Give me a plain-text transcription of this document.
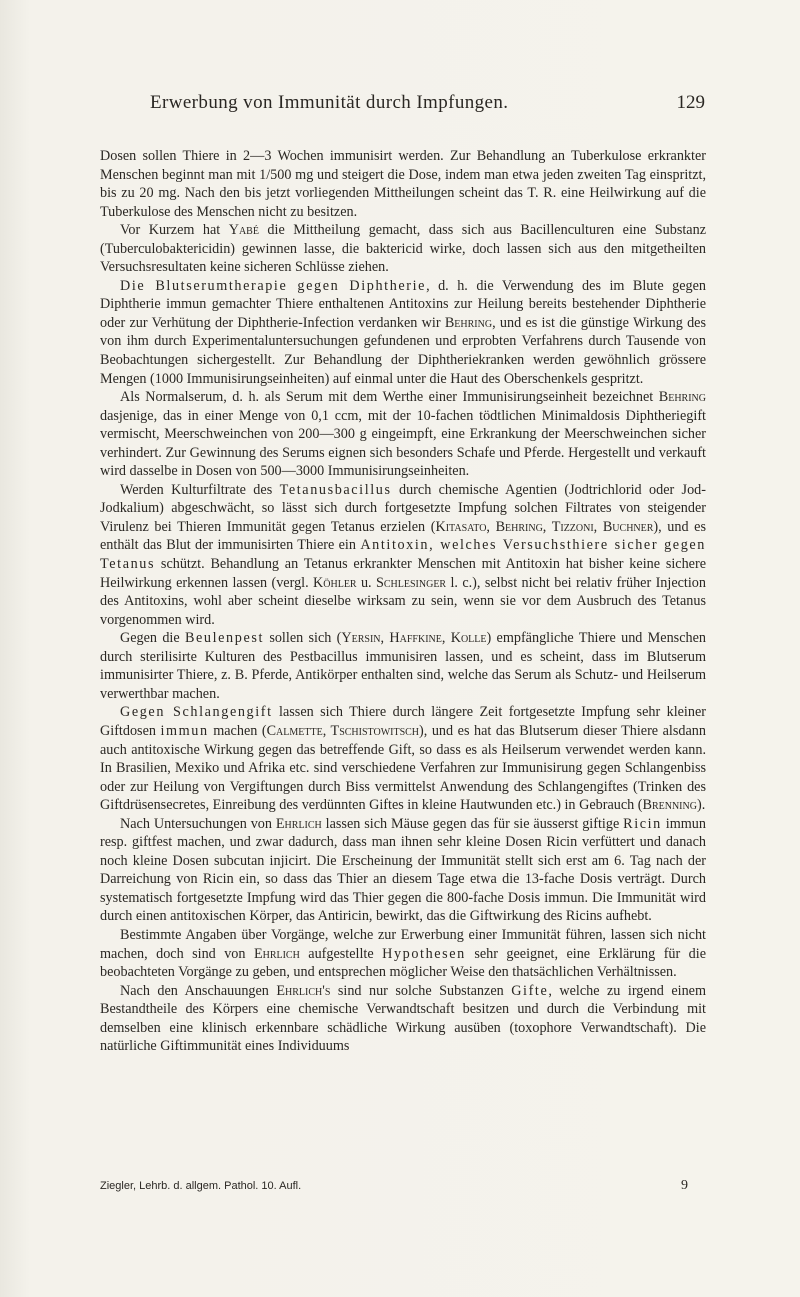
Erwerbung von Immunität durch Impfungen.	129

Dosen sollen Thiere in 2—3 Wochen immunisirt werden. Zur Behandlung an Tuberkulose erkrankter Menschen beginnt man mit 1/500 mg und steigert die Dose, indem man etwa jeden zweiten Tag einspritzt, bis zu 20 mg. Nach den bis jetzt vorliegenden Mittheilungen scheint das T. R. eine Heilwirkung auf die Tuberkulose des Menschen nicht zu besitzen.

Vor Kurzem hat Yabé die Mittheilung gemacht, dass sich aus Bacillenculturen eine Substanz (Tuberculobaktericidin) gewinnen lasse, die baktericid wirke, doch lassen sich aus den mitgetheilten Versuchsresultaten keine sicheren Schlüsse ziehen.

Die Blutserumtherapie gegen Diphtherie, d. h. die Verwendung des im Blute gegen Diphtherie immun gemachter Thiere enthaltenen Antitoxins zur Heilung bereits bestehender Diphtherie oder zur Verhütung der Diphtherie-Infection verdanken wir Behring, und es ist die günstige Wirkung des von ihm durch Experimentaluntersuchungen gefundenen und erprobten Verfahrens durch Tausende von Beobachtungen sichergestellt. Zur Behandlung der Diphtheriekranken werden gewöhnlich grössere Mengen (1000 Immunisirungseinheiten) auf einmal unter die Haut des Oberschenkels gespritzt.

Als Normalserum, d. h. als Serum mit dem Werthe einer Immunisirungseinheit bezeichnet Behring dasjenige, das in einer Menge von 0,1 ccm, mit der 10-fachen tödtlichen Minimaldosis Diphtheriegift vermischt, Meerschweinchen von 200—300 g eingeimpft, eine Erkrankung der Meerschweinchen sicher verhindert. Zur Gewinnung des Serums eignen sich besonders Schafe und Pferde. Hergestellt und verkauft wird dasselbe in Dosen von 500—3000 Immunisirungseinheiten.

Werden Kulturfiltrate des Tetanusbacillus durch chemische Agentien (Jodtrichlorid oder Jod-Jodkalium) abgeschwächt, so lässt sich durch fortgesetzte Impfung solchen Filtrates von steigender Virulenz bei Thieren Immunität gegen Tetanus erzielen (Kitasato, Behring, Tizzoni, Buchner), und es enthält das Blut der immunisirten Thiere ein Antitoxin, welches Versuchsthiere sicher gegen Tetanus schützt. Behandlung an Tetanus erkrankter Menschen mit Antitoxin hat bisher keine sichere Heilwirkung erkennen lassen (vergl. Köhler u. Schlesinger l. c.), selbst nicht bei relativ früher Injection des Antitoxins, wohl aber scheint dieselbe wirksam zu sein, wenn sie vor dem Ausbruch des Tetanus vorgenommen wird.

Gegen die Beulenpest sollen sich (Yersin, Haffkine, Kolle) empfängliche Thiere und Menschen durch sterilisirte Kulturen des Pestbacillus immunisiren lassen, und es scheint, dass im Blutserum immunisirter Thiere, z. B. Pferde, Antikörper enthalten sind, welche das Serum als Schutz- und Heilserum verwerthbar machen.

Gegen Schlangengift lassen sich Thiere durch längere Zeit fortgesetzte Impfung sehr kleiner Giftdosen immun machen (Calmette, Tschistowitsch), und es hat das Blutserum dieser Thiere alsdann auch antitoxische Wirkung gegen das betreffende Gift, so dass es als Heilserum verwendet werden kann. In Brasilien, Mexiko und Afrika etc. sind verschiedene Verfahren zur Immunisirung gegen Schlangenbiss oder zur Heilung von Vergiftungen durch Biss vermittelst Anwendung des Schlangengiftes (Trinken des Giftdrüsensecretes, Einreibung des verdünnten Giftes in kleine Hautwunden etc.) in Gebrauch (Brenning).

Nach Untersuchungen von Ehrlich lassen sich Mäuse gegen das für sie äusserst giftige Ricin immun resp. giftfest machen, und zwar dadurch, dass man ihnen sehr kleine Dosen Ricin verfüttert und danach noch kleine Dosen subcutan injicirt. Die Erscheinung der Immunität stellt sich erst am 6. Tag nach der Darreichung von Ricin ein, so dass das Thier an diesem Tage etwa die 13-fache Dosis verträgt. Durch systematisch fortgesetzte Impfung wird das Thier gegen die 800-fache Dosis immun. Die Immunität wird durch einen antitoxischen Körper, das Antiricin, bewirkt, das die Giftwirkung des Ricins aufhebt.

Bestimmte Angaben über Vorgänge, welche zur Erwerbung einer Immunität führen, lassen sich nicht machen, doch sind von Ehrlich aufgestellte Hypothesen sehr geeignet, eine Erklärung für die beobachteten Vorgänge zu geben, und entsprechen möglicher Weise den thatsächlichen Verhältnissen.

Nach den Anschauungen Ehrlich's sind nur solche Substanzen Gifte, welche zu irgend einem Bestandtheile des Körpers eine chemische Verwandtschaft besitzen und durch die Verbindung mit demselben eine klinisch erkennbare schädliche Wirkung ausüben (toxophore Verwandtschaft). Die natürliche Giftimmunität eines Individuums

Ziegler, Lehrb. d. allgem. Pathol. 10. Aufl.	9
